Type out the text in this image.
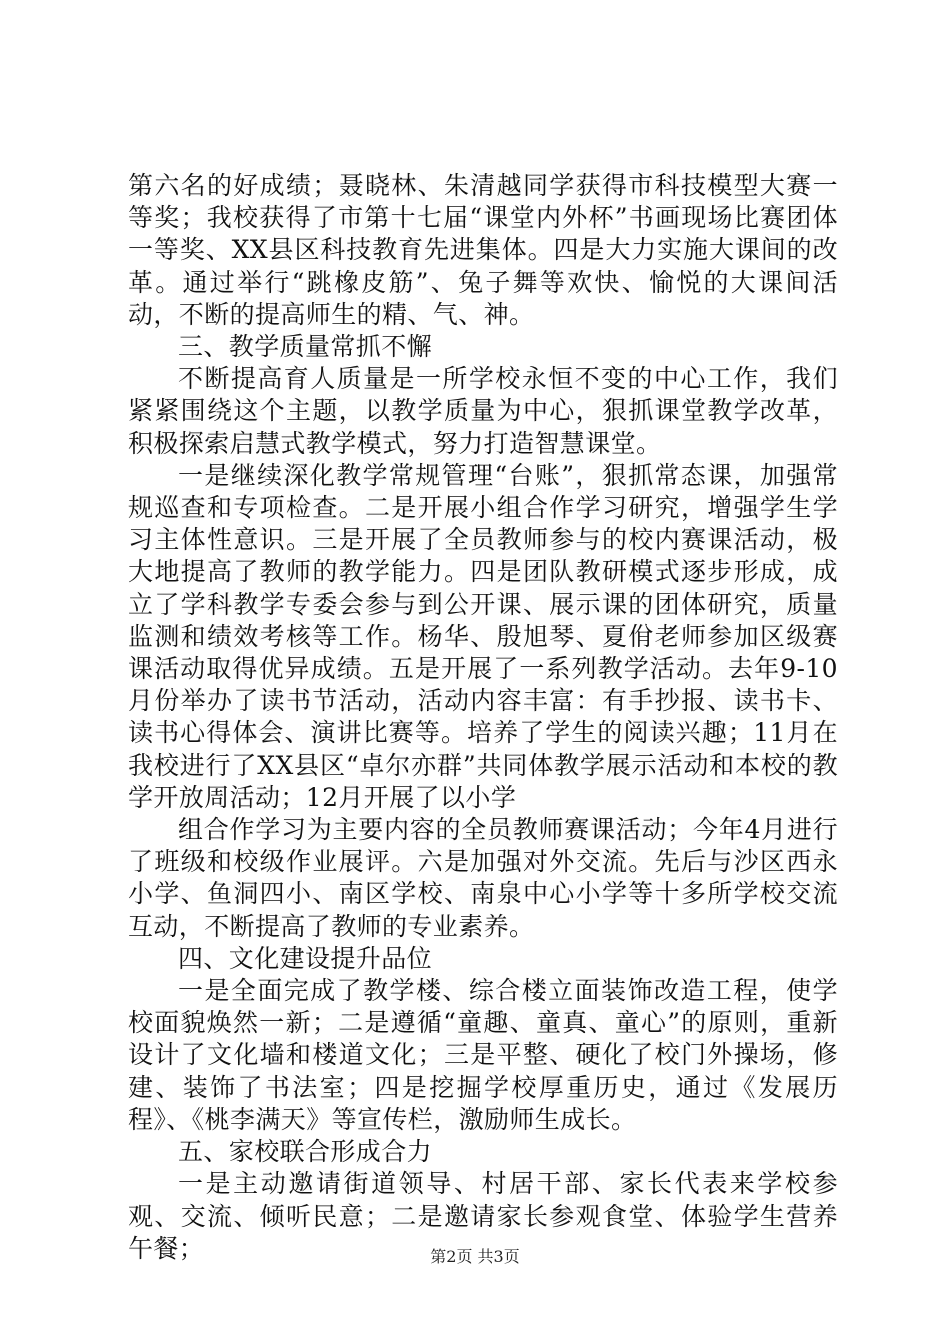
第六名的好成绩；聂晓林、朱清越同学获得市科技模型大赛一等奖；我校获得了市第十七届“课堂内外杯”书画现场比赛团体一等奖、XX县区科技教育先进集体。四是大力实施大课间的改革。通过举行“跳橡皮筋”、兔子舞等欢快、愉悦的大课间活动，不断的提高师生的精、气、神。

三、教学质量常抓不懈

不断提高育人质量是一所学校永恒不变的中心工作，我们紧紧围绕这个主题，以教学质量为中心，狠抓课堂教学改革，积极探索启慧式教学模式，努力打造智慧课堂。

一是继续深化教学常规管理“台账”，狠抓常态课，加强常规巡查和专项检查。二是开展小组合作学习研究，增强学生学习主体性意识。三是开展了全员教师参与的校内赛课活动，极大地提高了教师的教学能力。四是团队教研模式逐步形成，成立了学科教学专委会参与到公开课、展示课的团体研究，质量监测和绩效考核等工作。杨华、殷旭琴、夏佾老师参加区级赛课活动取得优异成绩。五是开展了一系列教学活动。去年9-10月份举办了读书节活动，活动内容丰富：有手抄报、读书卡、读书心得体会、演讲比赛等。培养了学生的阅读兴趣；11月在我校进行了XX县区“卓尔亦群”共同体教学展示活动和本校的教学开放周活动；12月开展了以小学

组合作学习为主要内容的全员教师赛课活动；今年4月进行了班级和校级作业展评。六是加强对外交流。先后与沙区西永小学、鱼洞四小、南区学校、南泉中心小学等十多所学校交流互动，不断提高了教师的专业素养。

四、文化建设提升品位

一是全面完成了教学楼、综合楼立面装饰改造工程，使学校面貌焕然一新；二是遵循“童趣、童真、童心”的原则，重新设计了文化墙和楼道文化；三是平整、硬化了校门外操场，修建、装饰了书法室；四是挖掘学校厚重历史，通过《发展历程》、《桃李满天》等宣传栏，激励师生成长。

五、家校联合形成合力

一是主动邀请街道领导、村居干部、家长代表来学校参观、交流、倾听民意；二是邀请家长参观食堂、体验学生营养午餐；	第2页 共3页
